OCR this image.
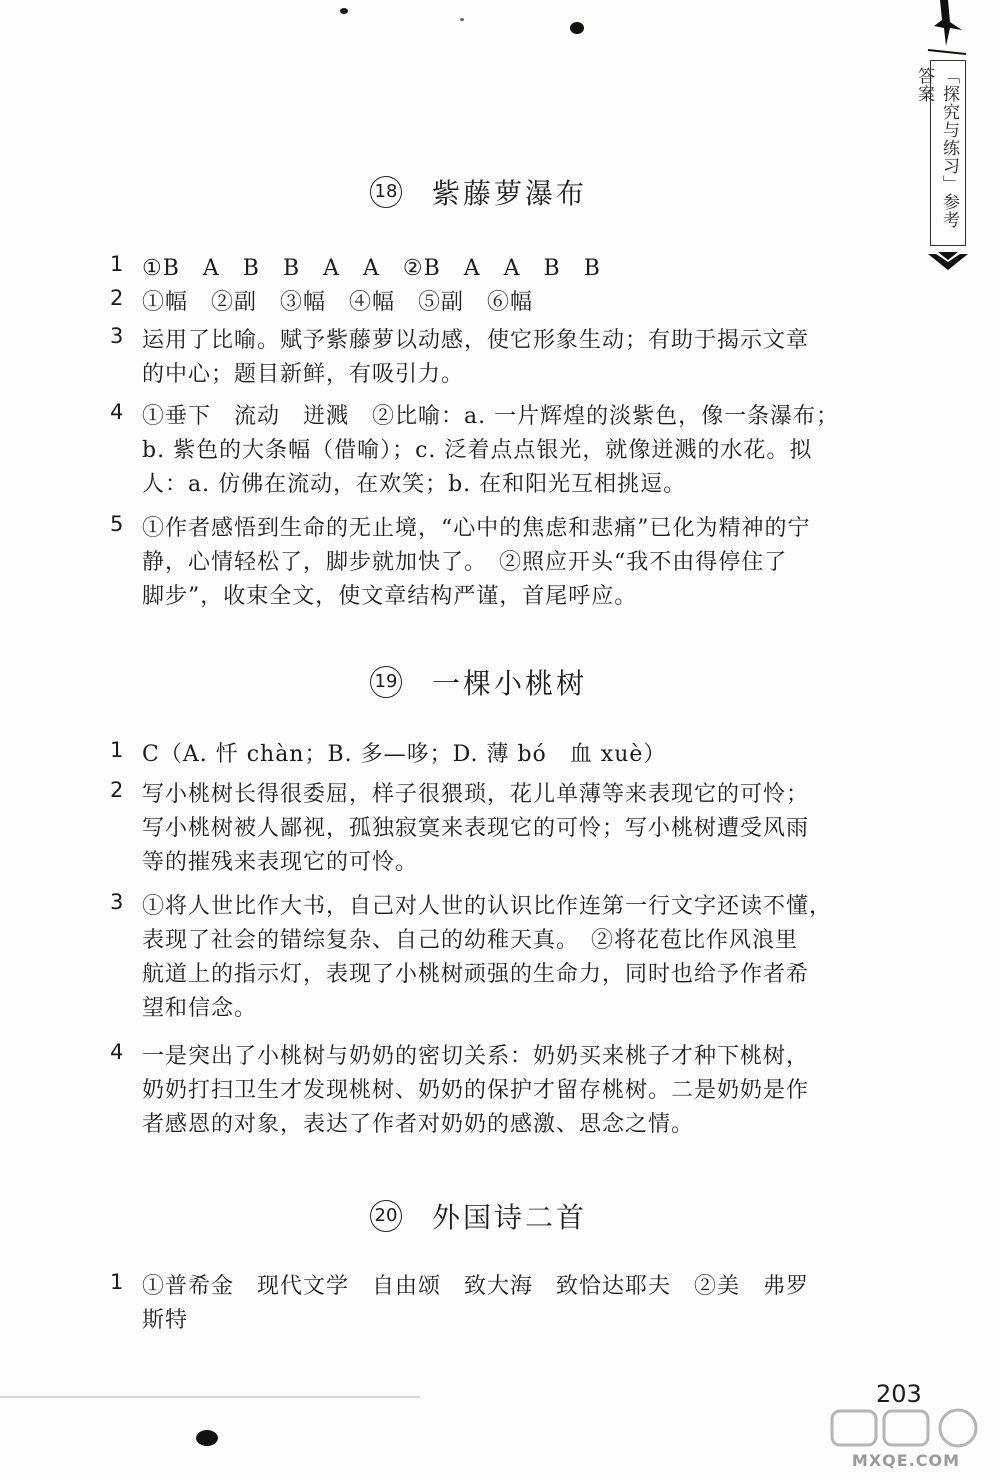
「探究与练习」参考答案
18 紫藤萝瀑布
1 ①B　A　B　B　A　A　②B　A　A　B　B
2 ①幅　②副　③幅　④幅　⑤副　⑥幅
3 运用了比喻。赋予紫藤萝以动感，使它形象生动；有助于揭示文章
的中心；题目新鲜，有吸引力。
4 ①垂下　流动　迸溅　②比喻：a. 一片辉煌的淡紫色，像一条瀑布；
b. 紫色的大条幅（借喻）；c. 泛着点点银光，就像迸溅的水花。拟
人：a. 仿佛在流动，在欢笑；b. 在和阳光互相挑逗。
5 ①作者感悟到生命的无止境，“心中的焦虑和悲痛”已化为精神的宁
静，心情轻松了，脚步就加快了。　②照应开头“我不由得停住了
脚步”，收束全文，使文章结构严谨，首尾呼应。
19 一棵小桃树
1 C（A. 忏 chàn；B. 多—哆；D. 薄 bó　血 xuè）
2 写小桃树长得很委屈，样子很猥琐，花儿单薄等来表现它的可怜；
写小桃树被人鄙视，孤独寂寞来表现它的可怜；写小桃树遭受风雨
等的摧残来表现它的可怜。
3 ①将人世比作大书，自己对人世的认识比作连第一行文字还读不懂，
表现了社会的错综复杂、自己的幼稚天真。　②将花苞比作风浪里
航道上的指示灯，表现了小桃树顽强的生命力，同时也给予作者希
望和信念。
4 一是突出了小桃树与奶奶的密切关系：奶奶买来桃子才种下桃树，
奶奶打扫卫生才发现桃树、奶奶的保护才留存桃树。二是奶奶是作
者感恩的对象，表达了作者对奶奶的感激、思念之情。
20 外国诗二首
1 ①普希金　现代文学　自由颂　致大海　致恰达耶夫　②美　弗罗
斯特
203
MXQE.COM
